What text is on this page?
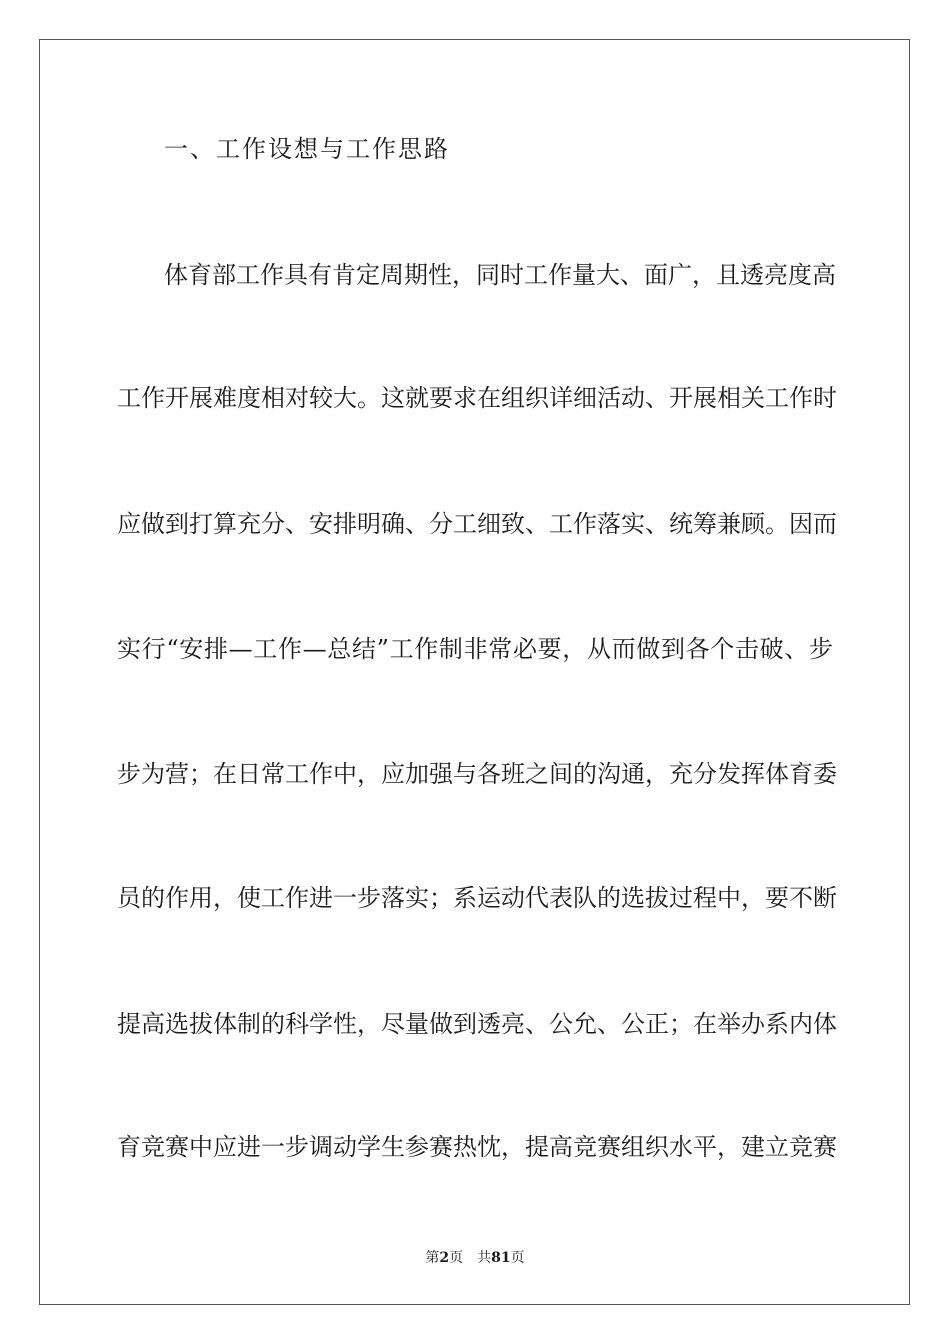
一、工作设想与工作思路
体育部工作具有肯定周期性，同时工作量大、面广，且透亮度高
工作开展难度相对较大。这就要求在组织详细活动、开展相关工作时
应做到打算充分、安排明确、分工细致、工作落实、统筹兼顾。因而
实行“安排—工作—总结”工作制非常必要，从而做到各个击破、步
步为营；在日常工作中，应加强与各班之间的沟通，充分发挥体育委
员的作用，使工作进一步落实；系运动代表队的选拔过程中，要不断
提高选拔体制的科学性，尽量做到透亮、公允、公正；在举办系内体
育竞赛中应进一步调动学生参赛热忱，提高竞赛组织水平，建立竞赛
第2页 共81页
